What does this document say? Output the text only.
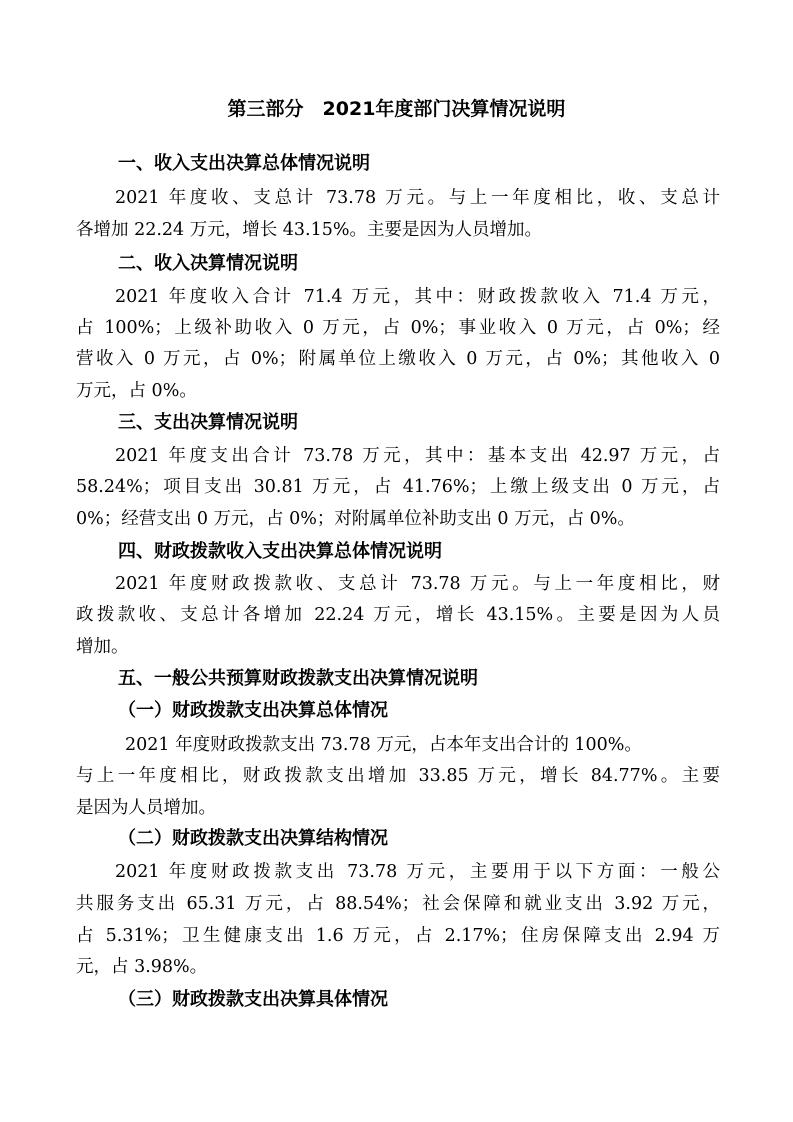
第三部分　2021年度部门决算情况说明
一、收入支出决算总体情况说明
2021 年度收、支总计 73.78 万元。与上一年度相比，收、支总计
各增加 22.24 万元，增长 43.15%。主要是因为人员增加。
二、收入决算情况说明
2021 年度收入合计 71.4 万元，其中：财政拨款收入 71.4 万元，
占 100%；上级补助收入 0 万元，占 0%；事业收入 0 万元，占 0%；经
营收入 0 万元，占 0%；附属单位上缴收入 0 万元，占 0%；其他收入 0
万元，占 0%。
三、支出决算情况说明
2021 年度支出合计 73.78 万元，其中：基本支出 42.97 万元，占
58.24%；项目支出 30.81 万元，占 41.76%；上缴上级支出 0 万元，占
0%；经营支出 0 万元，占 0%；对附属单位补助支出 0 万元，占 0%。
四、财政拨款收入支出决算总体情况说明
2021 年度财政拨款收、支总计 73.78 万元。与上一年度相比，财
政拨款收、支总计各增加 22.24 万元，增长 43.15%。主要是因为人员
增加。
五、一般公共预算财政拨款支出决算情况说明
（一）财政拨款支出决算总体情况
2021 年度财政拨款支出 73.78 万元，占本年支出合计的 100%。
与上一年度相比，财政拨款支出增加 33.85 万元，增长 84.77%。主要
是因为人员增加。
（二）财政拨款支出决算结构情况
2021 年度财政拨款支出 73.78 万元，主要用于以下方面：一般公
共服务支出 65.31 万元，占 88.54%；社会保障和就业支出 3.92 万元，
占 5.31%；卫生健康支出 1.6 万元，占 2.17%；住房保障支出 2.94 万
元，占 3.98%。
（三）财政拨款支出决算具体情况
